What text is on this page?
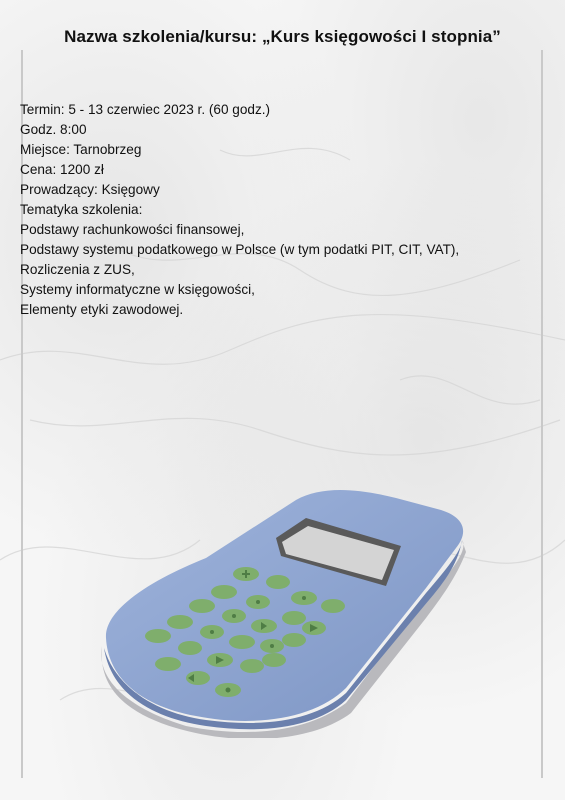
Nazwa szkolenia/kursu: „Kurs księgowości I stopnia”
Termin: 5 - 13 czerwiec 2023 r. (60 godz.)
Godz. 8:00
Miejsce: Tarnobrzeg
Cena: 1200 zł
Prowadzący: Księgowy
Tematyka szkolenia:
Podstawy rachunkowości finansowej,
Podstawy systemu podatkowego w Polsce (w tym podatki PIT, CIT, VAT),
Rozliczenia z ZUS,
Systemy informatyczne w księgowości,
Elementy etyki zawodowej.
